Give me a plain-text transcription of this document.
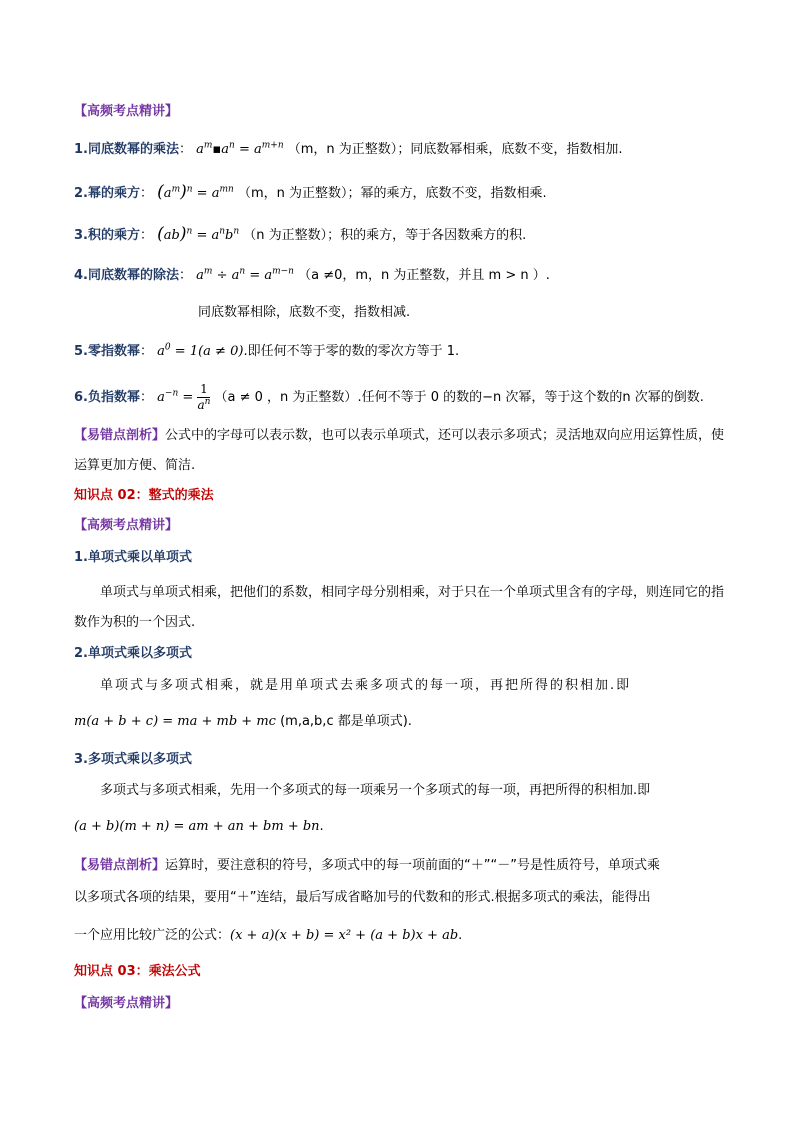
【高频考点精讲】
1.同底数幂的乘法： $a^m▪a^n = a^{m+n}$ （m，n 为正整数）；同底数幂相乘，底数不变，指数相加.
2.幂的乘方： $(a^m)^n = a^{mn}$ （m，n 为正整数）；幂的乘方，底数不变，指数相乘.
3.积的乘方： $(ab)^n = a^nb^n$ （n 为正整数）；积的乘方，等于各因数乘方的积.
4.同底数幂的除法： $a^m \div a^n = a^{m-n}$ （a ≠0，m，n 为正整数，并且 m > n ）.
同底数幂相除，底数不变，指数相减.
5.零指数幂： $a^0 = 1(a \ne 0)$.即任何不等于零的数的零次方等于 1.
6.负指数幂： $a^{-n} = \frac{1}{a^n} (a \ne 0$ ，n 为正整数）.任何不等于 0 的数的−n 次幂，等于这个数的n 次幂的倒数.
【易错点剖析】公式中的字母可以表示数，也可以表示单项式，还可以表示多项式；灵活地双向应用运算性质，使运算更加方便、简洁.
知识点 02：整式的乘法
【高频考点精讲】
1.单项式乘以单项式
单项式与单项式相乘，把他们的系数，相同字母分别相乘，对于只在一个单项式里含有的字母，则连同它的指数作为积的一个因式.
2.单项式乘以多项式
单项式与多项式相乘，就是用单项式去乘多项式的每一项，再把所得的积相加.即
m(a + b + c) = ma + mb + mc (m,a,b,c 都是单项式).
3.多项式乘以多项式
多项式与多项式相乘，先用一个多项式的每一项乘另一个多项式的每一项，再把所得的积相加.即
(a + b)(m + n) = am + an + bm + bn.
【易错点剖析】运算时，要注意积的符号，多项式中的每一项前面的“＋”“－”号是性质符号，单项式乘
以多项式各项的结果，要用“＋”连结，最后写成省略加号的代数和的形式.根据多项式的乘法，能得出
一个应用比较广泛的公式：(x + a)(x + b) = x² + (a + b)x + ab.
知识点 03：乘法公式
【高频考点精讲】
